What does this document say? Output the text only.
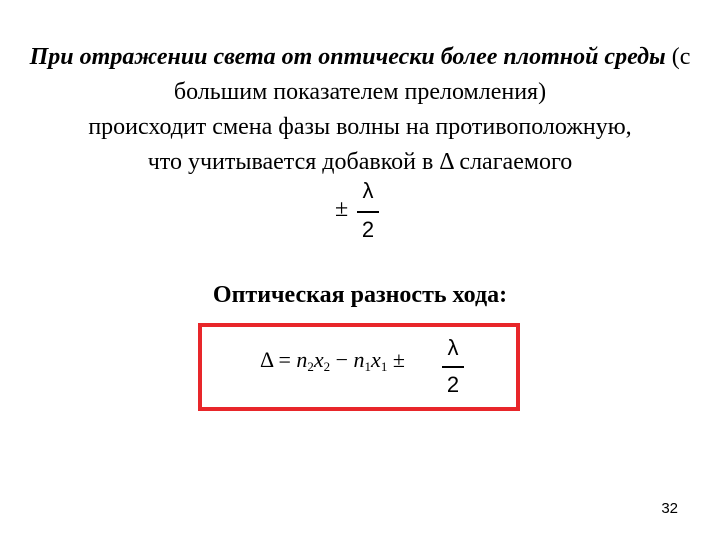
При отражении света от оптически более плотной среды (с большим показателем преломления)
происходит смена фазы волны на противоположную,
что учитывается добавкой в Δ слагаемого

±
λ
2
Оптическая разность хода:
$\Delta = n_2x_2 - n_1x_1 \pm \lambda$
2
32
